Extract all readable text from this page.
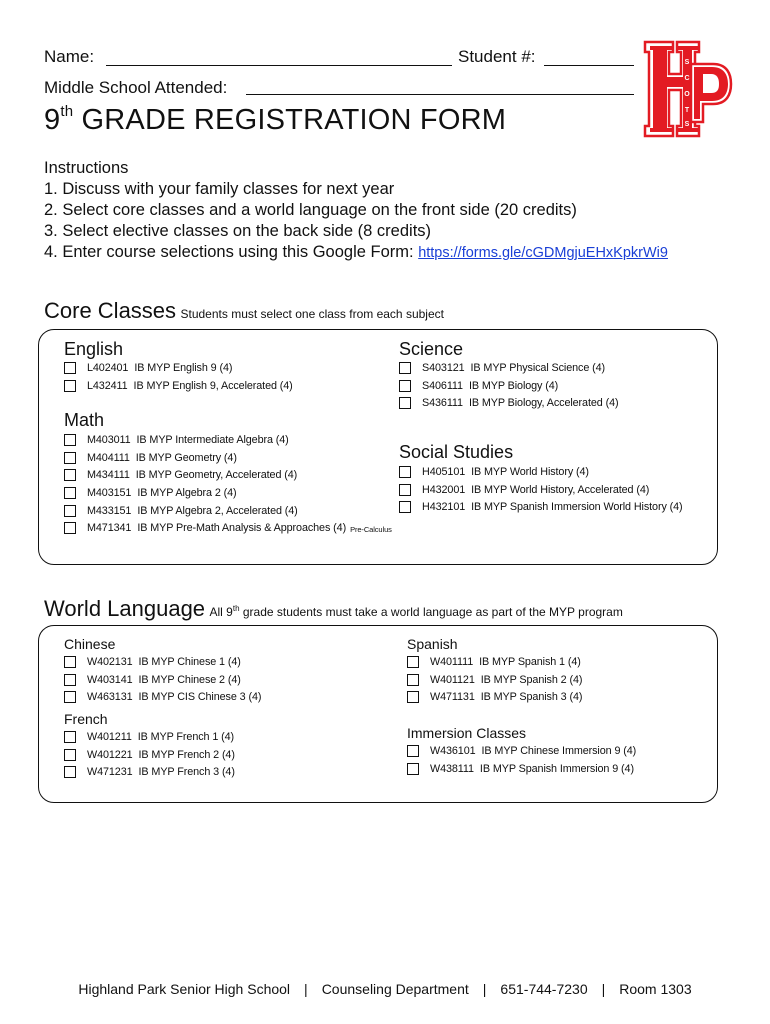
Name:	Student #:
Middle School Attended:
S
C
O
T
S
9th GRADE REGISTRATION FORM
Instructions
1. Discuss with your family classes for next year
2. Select core classes and a world language on the front side (20 credits)
3. Select elective classes on the back side (8 credits)
4. Enter course selections using this Google Form: https://forms.gle/cGDMgjuEHxKpkrWi9
Core Classes Students must select one class from each subject
English
L402401 IB MYP English 9 (4)
L432411 IB MYP English 9, Accelerated (4)
Math
M403011 IB MYP Intermediate Algebra (4)
M404111 IB MYP Geometry (4)
M434111 IB MYP Geometry, Accelerated (4)
M403151 IB MYP Algebra 2 (4)
M433151 IB MYP Algebra 2, Accelerated (4)
M471341 IB MYP Pre-Math Analysis & Approaches (4) Pre-Calculus
Science
S403121 IB MYP Physical Science (4)
S406111 IB MYP Biology (4)
S436111 IB MYP Biology, Accelerated (4)
Social Studies
H405101 IB MYP World History (4)
H432001 IB MYP World History, Accelerated (4)
H432101 IB MYP Spanish Immersion World History (4)
World Language All 9th grade students must take a world language as part of the MYP program
Chinese
W402131 IB MYP Chinese 1 (4)
W403141 IB MYP Chinese 2 (4)
W463131 IB MYP CIS Chinese 3 (4)
French
W401211 IB MYP French 1 (4)
W401221 IB MYP French 2 (4)
W471231 IB MYP French 3 (4)
Spanish
W401111 IB MYP Spanish 1 (4)
W401121 IB MYP Spanish 2 (4)
W471131 IB MYP Spanish 3 (4)
Immersion Classes
W436101 IB MYP Chinese Immersion 9 (4)
W438111 IB MYP Spanish Immersion 9 (4)
Highland Park Senior High School | Counseling Department | 651-744-7230 | Room 1303
